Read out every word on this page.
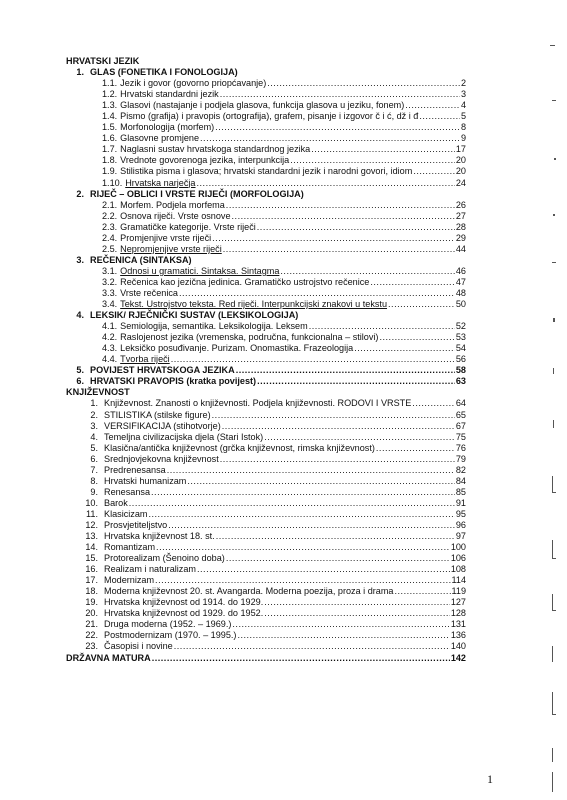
HRVATSKI JEZIK
1. GLAS (FONETIKA I FONOLOGIJA)
1.1. Jezik i govor (govorno priopćavanje) .....	2
1.2. Hrvatski standardni jezik .....	3
1.3. Glasovi (nastajanje i podjela glasova, funkcija glasova u jeziku, fonem) .....	4
1.4. Pismo (grafija) i pravopis (ortografija), grafem, pisanje i izgovor č i ć, dž i đ .....	5
1.5. Morfonologija (morfem) .....	8
1.6. Glasovne promjene .....	9
1.7. Naglasni sustav hrvatskoga standardnog jezika .....	17
1.8. Vrednote govorenoga jezika, interpunkcija .....	20
1.9. Stilistika pisma i glasova; hrvatski standardni jezik i narodni govori, idiom .....	20
1.10. Hrvatska narječja .....	24
2. RIJEČ – OBLICI I VRSTE RIJEČI (MORFOLOGIJA)
2.1. Morfem. Podjela morfema .....	26
2.2. Osnova riječi. Vrste osnove .....	27
2.3. Gramatičke kategorije. Vrste riječi .....	28
2.4. Promjenjive vrste riječi .....	29
2.5. Nepromjenjive vrste riječi .....	44
3. REČENICA (SINTAKSA)
3.1. Odnosi u gramatici. Sintaksa. Sintagma .....	46
3.2. Rečenica kao jezična jedinica. Gramatičko ustrojstvo rečenice .....	47
3.3. Vrste rečenica .....	48
3.4. Tekst. Ustrojstvo teksta. Red riječi. Interpunkcijski znakovi u tekstu .....	50
4. LEKSIK/ RJEČNIČKI SUSTAV (LEKSIKOLOGIJA)
4.1. Semiologija, semantika. Leksikologija. Leksem .....	52
4.2. Raslojenost jezika (vremenska, područna, funkcionalna – stilovi) .....	53
4.3. Leksičko posuđivanje. Purizam. Onomastika. Frazeologija .....	54
4.4. Tvorba riječi .....	56
5. POVIJEST HRVATSKOGA JEZIKA .....	58
6. HRVATSKI PRAVOPIS (kratka povijest) .....	63
KNJIŽEVNOST
1. Književnost. Znanosti o književnosti. Podjela književnosti. RODOVI I VRSTE .....	64
2. STILISTIKA (stilske figure) .....	65
3. VERSIFIKACIJA (stihotvorje) .....	67
4. Temeljna civilizacijska djela (Stari Istok) .....	75
5. Klasična/antička književnost (grčka književnost, rimska književnost) .....	76
6. Srednjovjekovna književnost .....	79
7. Predrenesansa .....	82
8. Hrvatski humanizam .....	84
9. Renesansa .....	85
10. Barok .....	91
11. Klasicizam .....	95
12. Prosvjetiteljstvo .....	96
13. Hrvatska književnost 18. st. .....	97
14. Romantizam .....	100
15. Protorealizam (Šenoino doba) .....	106
16. Realizam i naturalizam .....	108
17. Modernizam .....	114
18. Moderna književnost 20. st. Avangarda. Moderna poezija, proza i drama .....	119
19. Hrvatska književnost od 1914. do 1929. .....	127
20. Hrvatska književnost od 1929. do 1952. .....	128
21. Druga moderna (1952. – 1969.) .....	131
22. Postmodernizam (1970. – 1995.) .....	136
23. Časopisi i novine .....	140
DRŽAVNA MATURA .....	142
1
